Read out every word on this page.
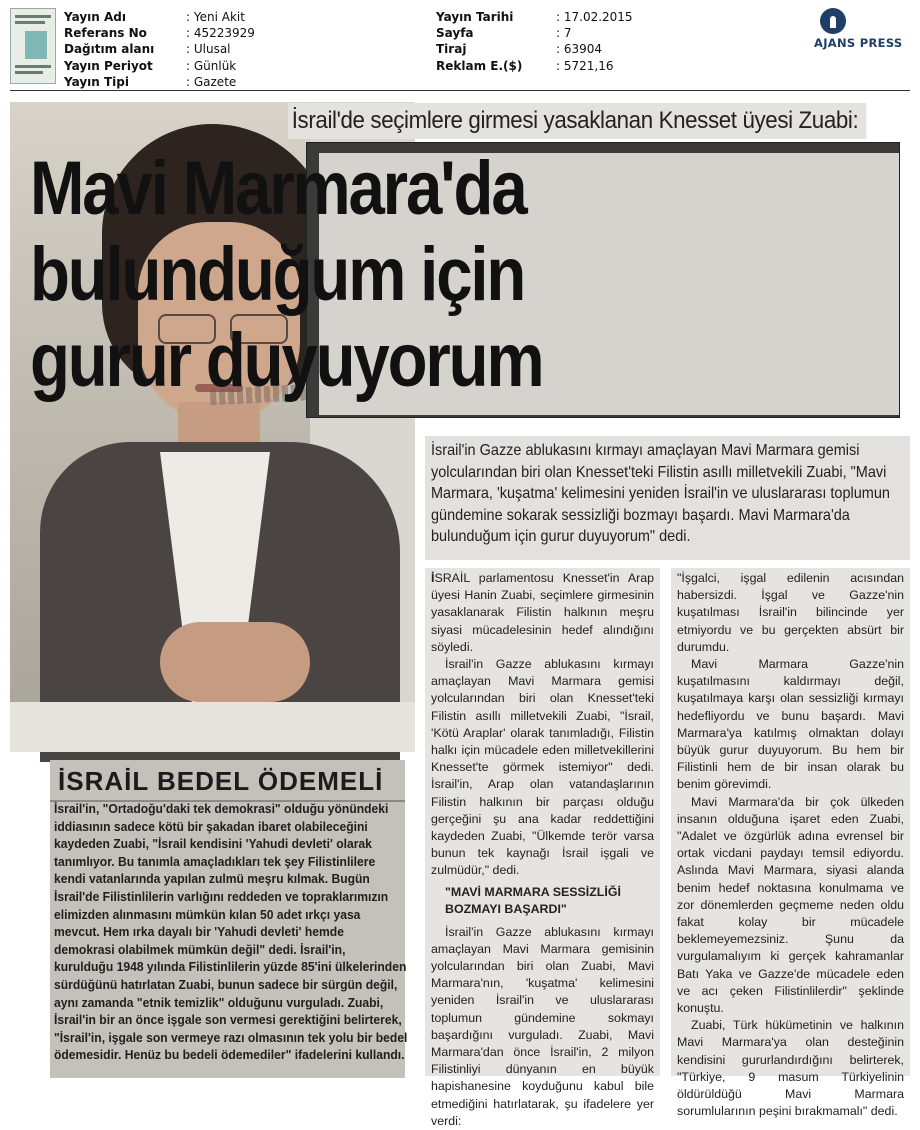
Yayın Adı	: Yeni Akit
Referans No	: 45223929
Dağıtım alanı	: Ulusal
Yayın Periyot	: Günlük
Yayın Tipi	: Gazete
Yayın Tarihi	: 17.02.2015
Sayfa	: 7
Tiraj	: 63904
Reklam E.($)	: 5721,16
AJANS PRESS
İsrail'de seçimlere girmesi yasaklanan Knesset üyesi Zuabi:
Mavi Marmara'da
bulunduğum için
gurur duyuyorum

İsrail'in Gazze ablukasını kırmayı amaçlayan Mavi Marmara gemisi yolcularından biri olan Knesset'teki Filistin asıllı milletvekili Zuabi, "Mavi Marmara, 'kuşatma' kelimesini yeniden İsrail'in ve uluslararası toplumun gündemine sokarak sessizliği bozmayı başardı. Mavi Marmara'da bulunduğum için gurur duyuyorum" dedi.

İSRAİL parlamentosu Knesset'in Arap üyesi Hanin Zuabi, seçimlere girmesinin yasaklanarak Filistin halkının meşru siyasi mücadelesinin hedef alındığını söyledi.

İsrail'in Gazze ablukasını kırmayı amaçlayan Mavi Marmara gemisi yolcularından biri olan Knesset'teki Filistin asıllı milletvekili Zuabi, "İsrail, 'Kötü Araplar' olarak tanımladığı, Filistin halkı için mücadele eden milletvekillerini Knesset'te görmek istemiyor" dedi. İsrail'in, Arap olan vatandaşlarının Filistin halkının bir parçası olduğu gerçeğini şu ana kadar reddettiğini kaydeden Zuabi, "Ülkemde terör varsa bunun tek kaynağı İsrail işgali ve zulmüdür," dedi.

"MAVİ MARMARA SESSİZLİĞİ BOZMAYI BAŞARDI"

İsrail'in Gazze ablukasını kırmayı amaçlayan Mavi Marmara gemisinin yolcularından biri olan Zuabi, Mavi Marmara'nın, 'kuşatma' kelimesini yeniden İsrail'in ve uluslararası toplumun gündemine sokmayı başardığını vurguladı. Zuabi, Mavi Marmara'dan önce İsrail'in, 2 milyon Filistinliyi dünyanın en büyük hapishanesine koyduğunu kabul bile etmediğini hatırlatarak, şu ifadelere yer verdi:

"İşgalci, işgal edilenin acısından habersizdi. İşgal ve Gazze'nin kuşatılması İsrail'in bilincinde yer etmiyordu ve bu gerçekten absürt bir durumdu.

Mavi Marmara Gazze'nin kuşatılmasını kaldırmayı değil, kuşatılmaya karşı olan sessizliği kırmayı hedefliyordu ve bunu başardı. Mavi Marmara'ya katılmış olmaktan dolayı büyük gurur duyuyorum. Bu hem bir Filistinli hem de bir insan olarak bu benim görevimdi.

Mavi Marmara'da bir çok ülkeden insanın olduğuna işaret eden Zuabi, "Adalet ve özgürlük adına evrensel bir ortak vicdani paydayı temsil ediyordu. Aslında Mavi Marmara, siyasi alanda benim hedef noktasına konulmama ve zor dönemlerden geçmeme neden oldu fakat kolay bir mücadele beklemeyemezsiniz. Şunu da vurgulamalıyım ki gerçek kahramanlar Batı Yaka ve Gazze'de mücadele eden ve acı çeken Filistinlilerdir" şeklinde konuştu.

Zuabi, Türk hükümetinin ve halkının Mavi Marmara'ya olan desteğinin kendisini gururlandırdığını belirterek, "Türkiye, 9 masum Türkiyelinin öldürüldüğü Mavi Marmara sorumlularının peşini bırakmamalı" dedi.

İSRAİL BEDEL ÖDEMELİ
İsrail'in, "Ortadoğu'daki tek demokrasi" olduğu yönündeki iddiasının sadece kötü bir şakadan ibaret olabileceğini kaydeden Zuabi, "İsrail kendisini 'Yahudi devleti' olarak tanımlıyor. Bu tanımla amaçladıkları tek şey Filistinlilere kendi vatanlarında yapılan zulmü meşru kılmak. Bugün İsrail'de Filistinlilerin varlığını reddeden ve topraklarımızın elimizden alınmasını mümkün kılan 50 adet ırkçı yasa mevcut. Hem ırka dayalı bir 'Yahudi devleti' hemde demokrasi olabilmek mümkün değil" dedi. İsrail'in, kurulduğu 1948 yılında Filistinlilerin yüzde 85'ini ülkelerinden sürdüğünü hatırlatan Zuabi, bunun sadece bir sürgün değil, aynı zamanda "etnik temizlik" olduğunu vurguladı. Zuabi, İsrail'in bir an önce işgale son vermesi gerektiğini belirterek, "İsrail'in, işgale son vermeye razı olmasının tek yolu bir bedel ödemesidir. Henüz bu bedeli ödemediler" ifadelerini kullandı.
